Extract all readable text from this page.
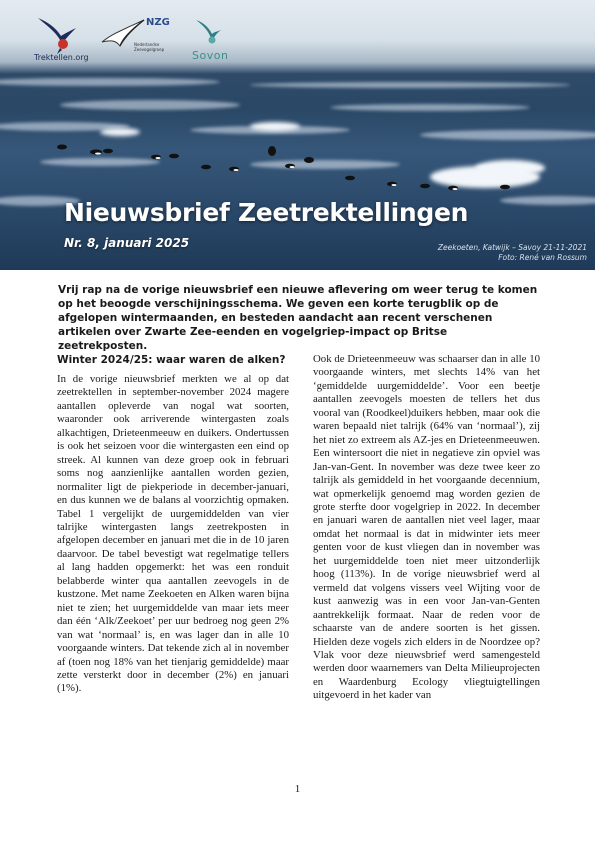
Trektellen.org
NZG
Nederlandse Zeevogelgroep	Sovon
Nieuwsbrief Zeetrektellingen
Nr. 8, januari 2025	Zeekoeten, Katwijk – Savoy 21-11-2021
Foto: René van Rossum
Vrij rap na de vorige nieuwsbrief een nieuwe aflevering om weer terug te komen op het beoogde verschijningsschema. We geven een korte terugblik op de afgelopen wintermaanden, en besteden aandacht aan recent verschenen artikelen over Zwarte Zee-eenden en vogelgriep-impact op Britse zeetrekposten.
Winter 2024/25: waar waren de alken?

In de vorige nieuwsbrief merkten we al op dat zeetrektellen in september-november 2024 magere aantallen opleverde van nogal wat soorten, waaronder ook arriverende wintergasten zoals alkachtigen, Drieteenmeeuw en duikers. Ondertussen is ook het seizoen voor die wintergasten een eind op streek. Al kunnen van deze groep ook in februari soms nog aanzienlijke aantallen worden gezien, normaliter ligt de piekperiode in december-januari, en dus kunnen we de balans al voorzichtig opmaken. Tabel 1 vergelijkt de uurgemiddelden van vier talrijke wintergasten langs zeetrekposten in afgelopen december en januari met die in de 10 jaren daarvoor. De tabel bevestigt wat regelmatige tellers al lang hadden opgemerkt: het was een ronduit belabberde winter qua aantallen zeevogels in de kustzone. Met name Zeekoeten en Alken waren bijna niet te zien; het uurgemiddelde van maar iets meer dan één ‘Alk/Zeekoet’ per uur bedroeg nog geen 2% van wat ‘normaal’ is, en was lager dan in alle 10 voorgaande winters. Dat tekende zich al in november af (toen nog 18% van het tienjarig gemiddelde) maar zette versterkt door in december (2%) en januari (1%).

Ook de Drieteenmeeuw was schaarser dan in alle 10 voorgaande winters, met slechts 14% van het ‘gemiddelde uurgemiddelde’. Voor een beetje aantallen zeevogels moesten de tellers het dus vooral van (Roodkeel)duikers hebben, maar ook die waren bepaald niet talrijk (64% van ‘normaal’), zij het niet zo extreem als AZ-jes en Drieteenmeeuwen. Een wintersoort die niet in negatieve zin opviel was Jan-van-Gent. In november was deze twee keer zo talrijk als gemiddeld in het voorgaande decennium, wat opmerkelijk genoemd mag worden gezien de grote sterfte door vogelgriep in 2022. In december en januari waren de aantallen niet veel lager, maar omdat het normaal is dat in midwinter iets meer genten voor de kust vliegen dan in november was het uurgemiddelde toen niet meer uitzonderlijk hoog (113%). In de vorige nieuwsbrief werd al vermeld dat volgens vissers veel Wijting voor de kust aanwezig was in een voor Jan-van-Genten aantrekkelijk formaat. Naar de reden voor de schaarste van de andere soorten is het gissen. Hielden deze vogels zich elders in de Noordzee op? Vlak voor deze nieuwsbrief werd samengesteld werden door waarnemers van Delta Milieuprojecten en Waardenburg Ecology vliegtuigtellingen uitgevoerd in het kader van

1
